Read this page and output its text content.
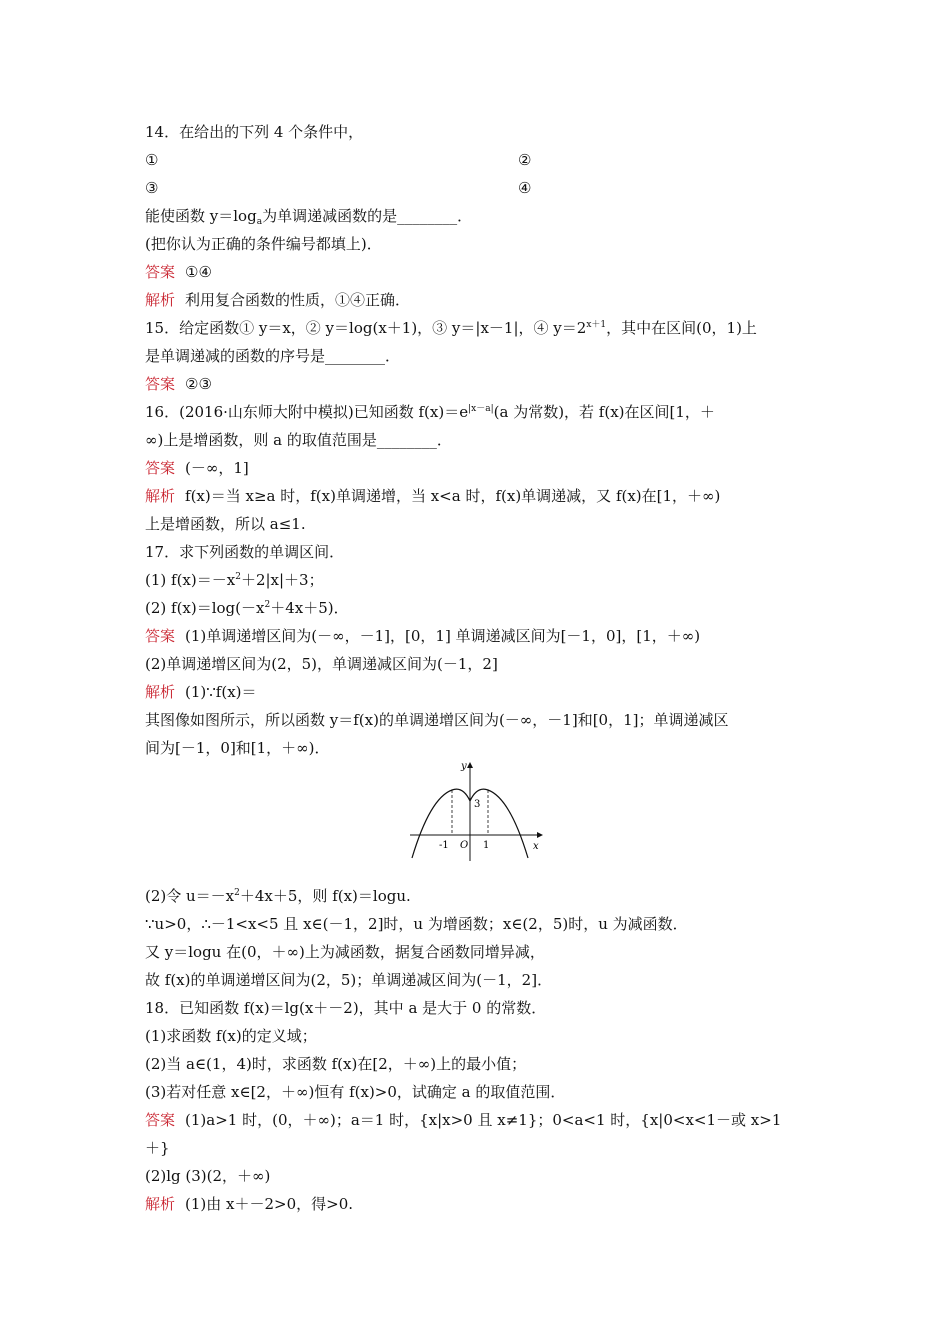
14．在给出的下列 4 个条件中，
①	②
③	④
能使函数 $y=\log_a$为单调递减函数的是________．
(把你认为正确的条件编号都填上)．
答案 ①④
解析 利用复合函数的性质，①④正确．
15．给定函数① y＝x，② y＝log(x＋1)，③ y＝|x－1|，④ $y=2^{x+1}$，其中在区间(0，1)上
是单调递减的函数的序号是________．
答案 ②③
16．(2016·山东师大附中模拟)已知函数 $f(x)=e^{|x-a|}(a$ 为常数)，若 f(x)在区间[1，＋
∞)上是增函数，则 a 的取值范围是________．
答案 (－∞，1]
解析 f(x)＝当 x≥a 时，f(x)单调递增，当 x<a 时，f(x)单调递减，又 f(x)在[1，＋∞)
上是增函数，所以 a≤1.
17．求下列函数的单调区间．
(1) $f(x)=-x^2+2|x|+3$；
(2) $f(x)=\log(-x^2+4x+5)$．
答案 (1)单调递增区间为(－∞，－1]，[0，1] 单调递减区间为[－1，0]，[1，＋∞)
(2)单调递增区间为(2，5)，单调递减区间为(－1，2]
解析 (1)∵f(x)＝
其图像如图所示，所以函数 y＝f(x)的单调递增区间为(－∞，－1]和[0，1]；单调递减区
间为[－1，0]和[1，＋∞)．
y
x
O
-1	1
3
(2)令 $u=-x^2+4x+5$，则 f(x)＝logu.
∵u>0，∴－1<x<5 且 x∈(－1，2]时，u 为增函数；x∈(2，5)时，u 为减函数．
又 y＝logu 在(0，＋∞)上为减函数，据复合函数同增异减，
故 f(x)的单调递增区间为(2，5)；单调递减区间为(－1，2]．
18．已知函数 f(x)＝lg(x＋－2)，其中 a 是大于 0 的常数．
(1)求函数 f(x)的定义域；
(2)当 a∈(1，4)时，求函数 f(x)在[2，＋∞)上的最小值；
(3)若对任意 x∈[2，＋∞)恒有 f(x)>0，试确定 a 的取值范围．
答案 (1)a>1 时，(0，＋∞)；a＝1 时，{x|x>0 且 x≠1}；0<a<1 时，{x|0<x<1－或 x>1
＋}
(2)lg (3)(2，＋∞)
解析 (1)由 x＋－2>0，得>0.
